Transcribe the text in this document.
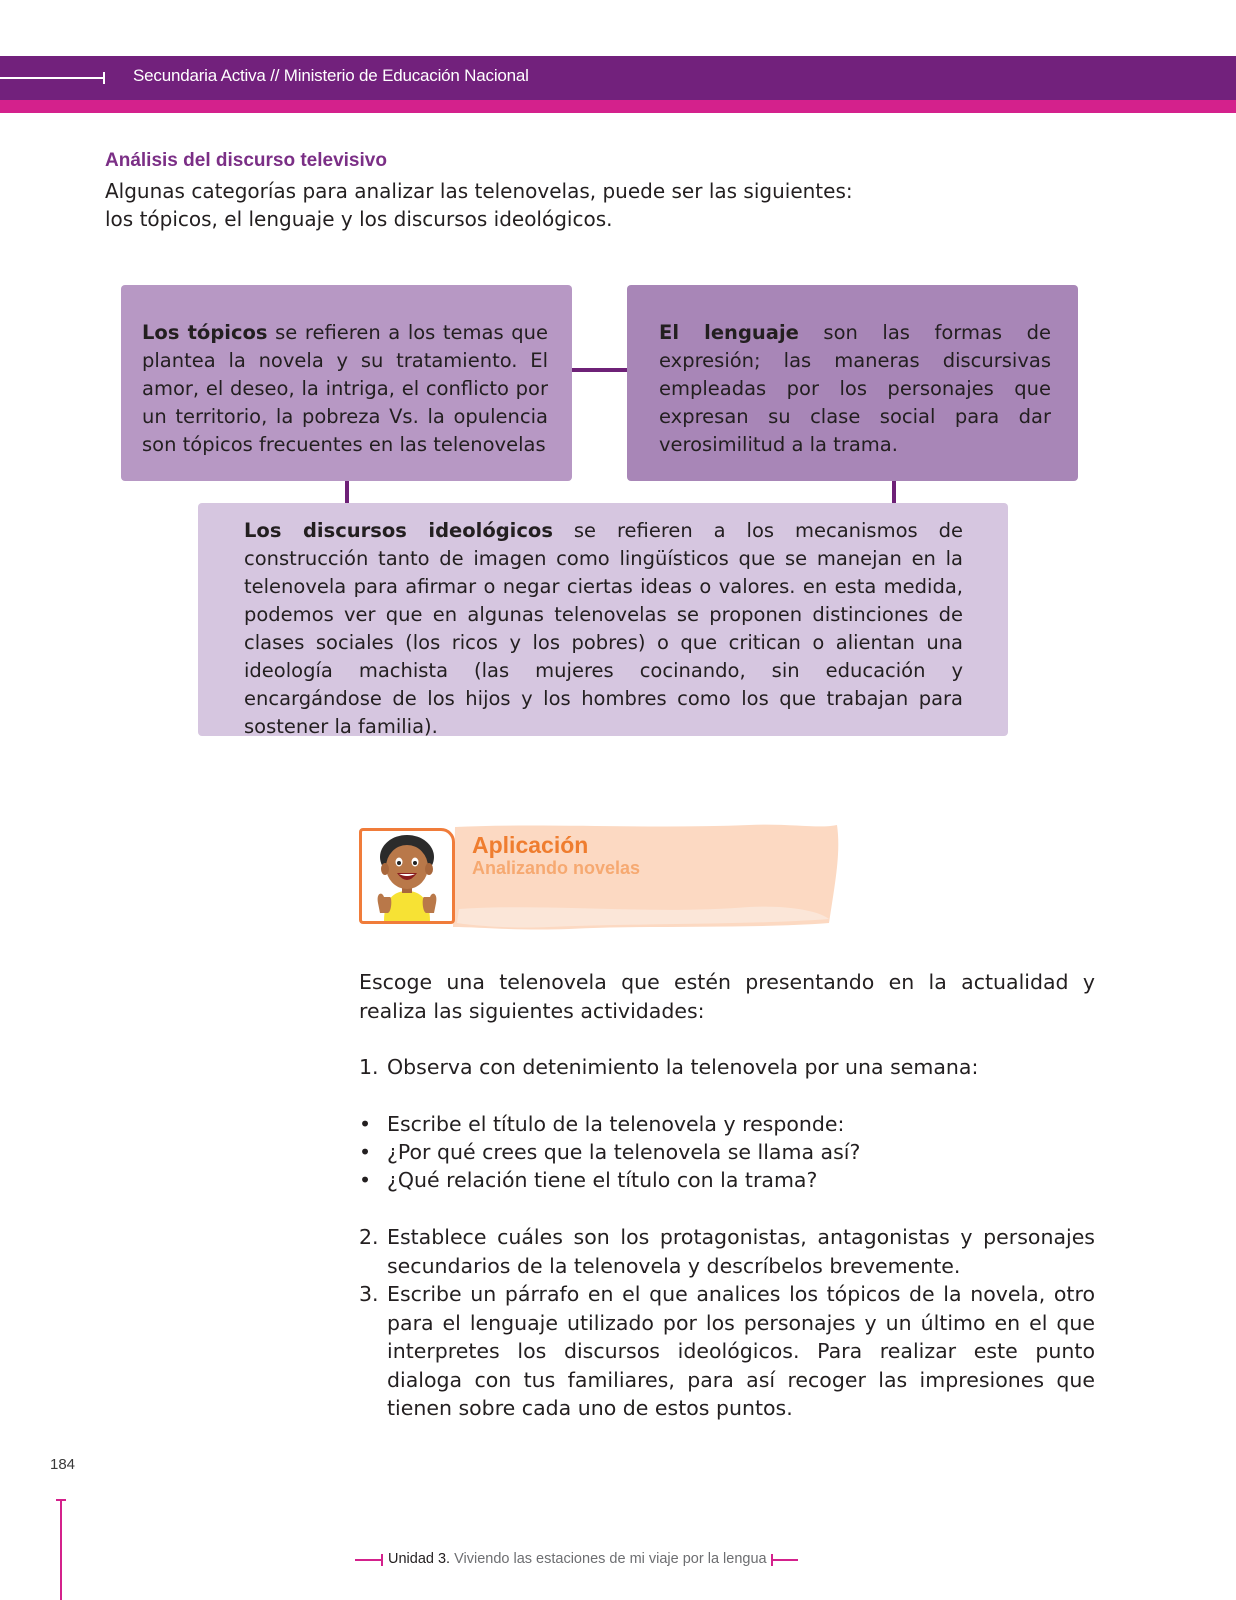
Secundaria Activa // Ministerio de Educación Nacional
Análisis del discurso televisivo
Algunas categorías para analizar las telenovelas, puede ser las siguientes: los tópicos, el lenguaje y los discursos ideológicos.
Los tópicos se refieren a los temas que plantea la novela y su tratamiento. El amor, el deseo, la intriga, el conflicto por un territorio, la pobreza Vs. la opulencia son tópicos frecuentes en las telenovelas
El lenguaje son las formas de expresión; las maneras discursivas empleadas por los personajes que expresan su clase social para dar verosimilitud a la trama.
Los discursos ideológicos se refieren a los mecanismos de construcción tanto de imagen como lingüísticos que se manejan en la telenovela para afirmar o negar ciertas ideas o valores. en esta medida, podemos ver que en algunas telenovelas se proponen distinciones de clases sociales (los ricos y los pobres) o que critican o alientan una ideología machista (las mujeres cocinando, sin educación y encargándose de los hijos y los hombres como los que trabajan para sostener la familia).
Aplicación
Analizando novelas
Escoge una telenovela que estén presentando en la actualidad y realiza las siguientes actividades:
1. Observa con detenimiento la telenovela por una semana:
• Escribe el título de la telenovela y responde:
• ¿Por qué crees que la telenovela se llama así?
• ¿Qué relación tiene el título con la trama?
2. Establece cuáles son los protagonistas, antagonistas y personajes secundarios de la telenovela y descríbelos brevemente.
3. Escribe un párrafo en el que analices los tópicos de la novela, otro para el lenguaje utilizado por los personajes y un último en el que interpretes los discursos ideológicos. Para realizar este punto dialoga con tus familiares, para así recoger las impresiones que tienen sobre cada uno de estos puntos.
184
Unidad 3. Viviendo las estaciones de mi viaje por la lengua
